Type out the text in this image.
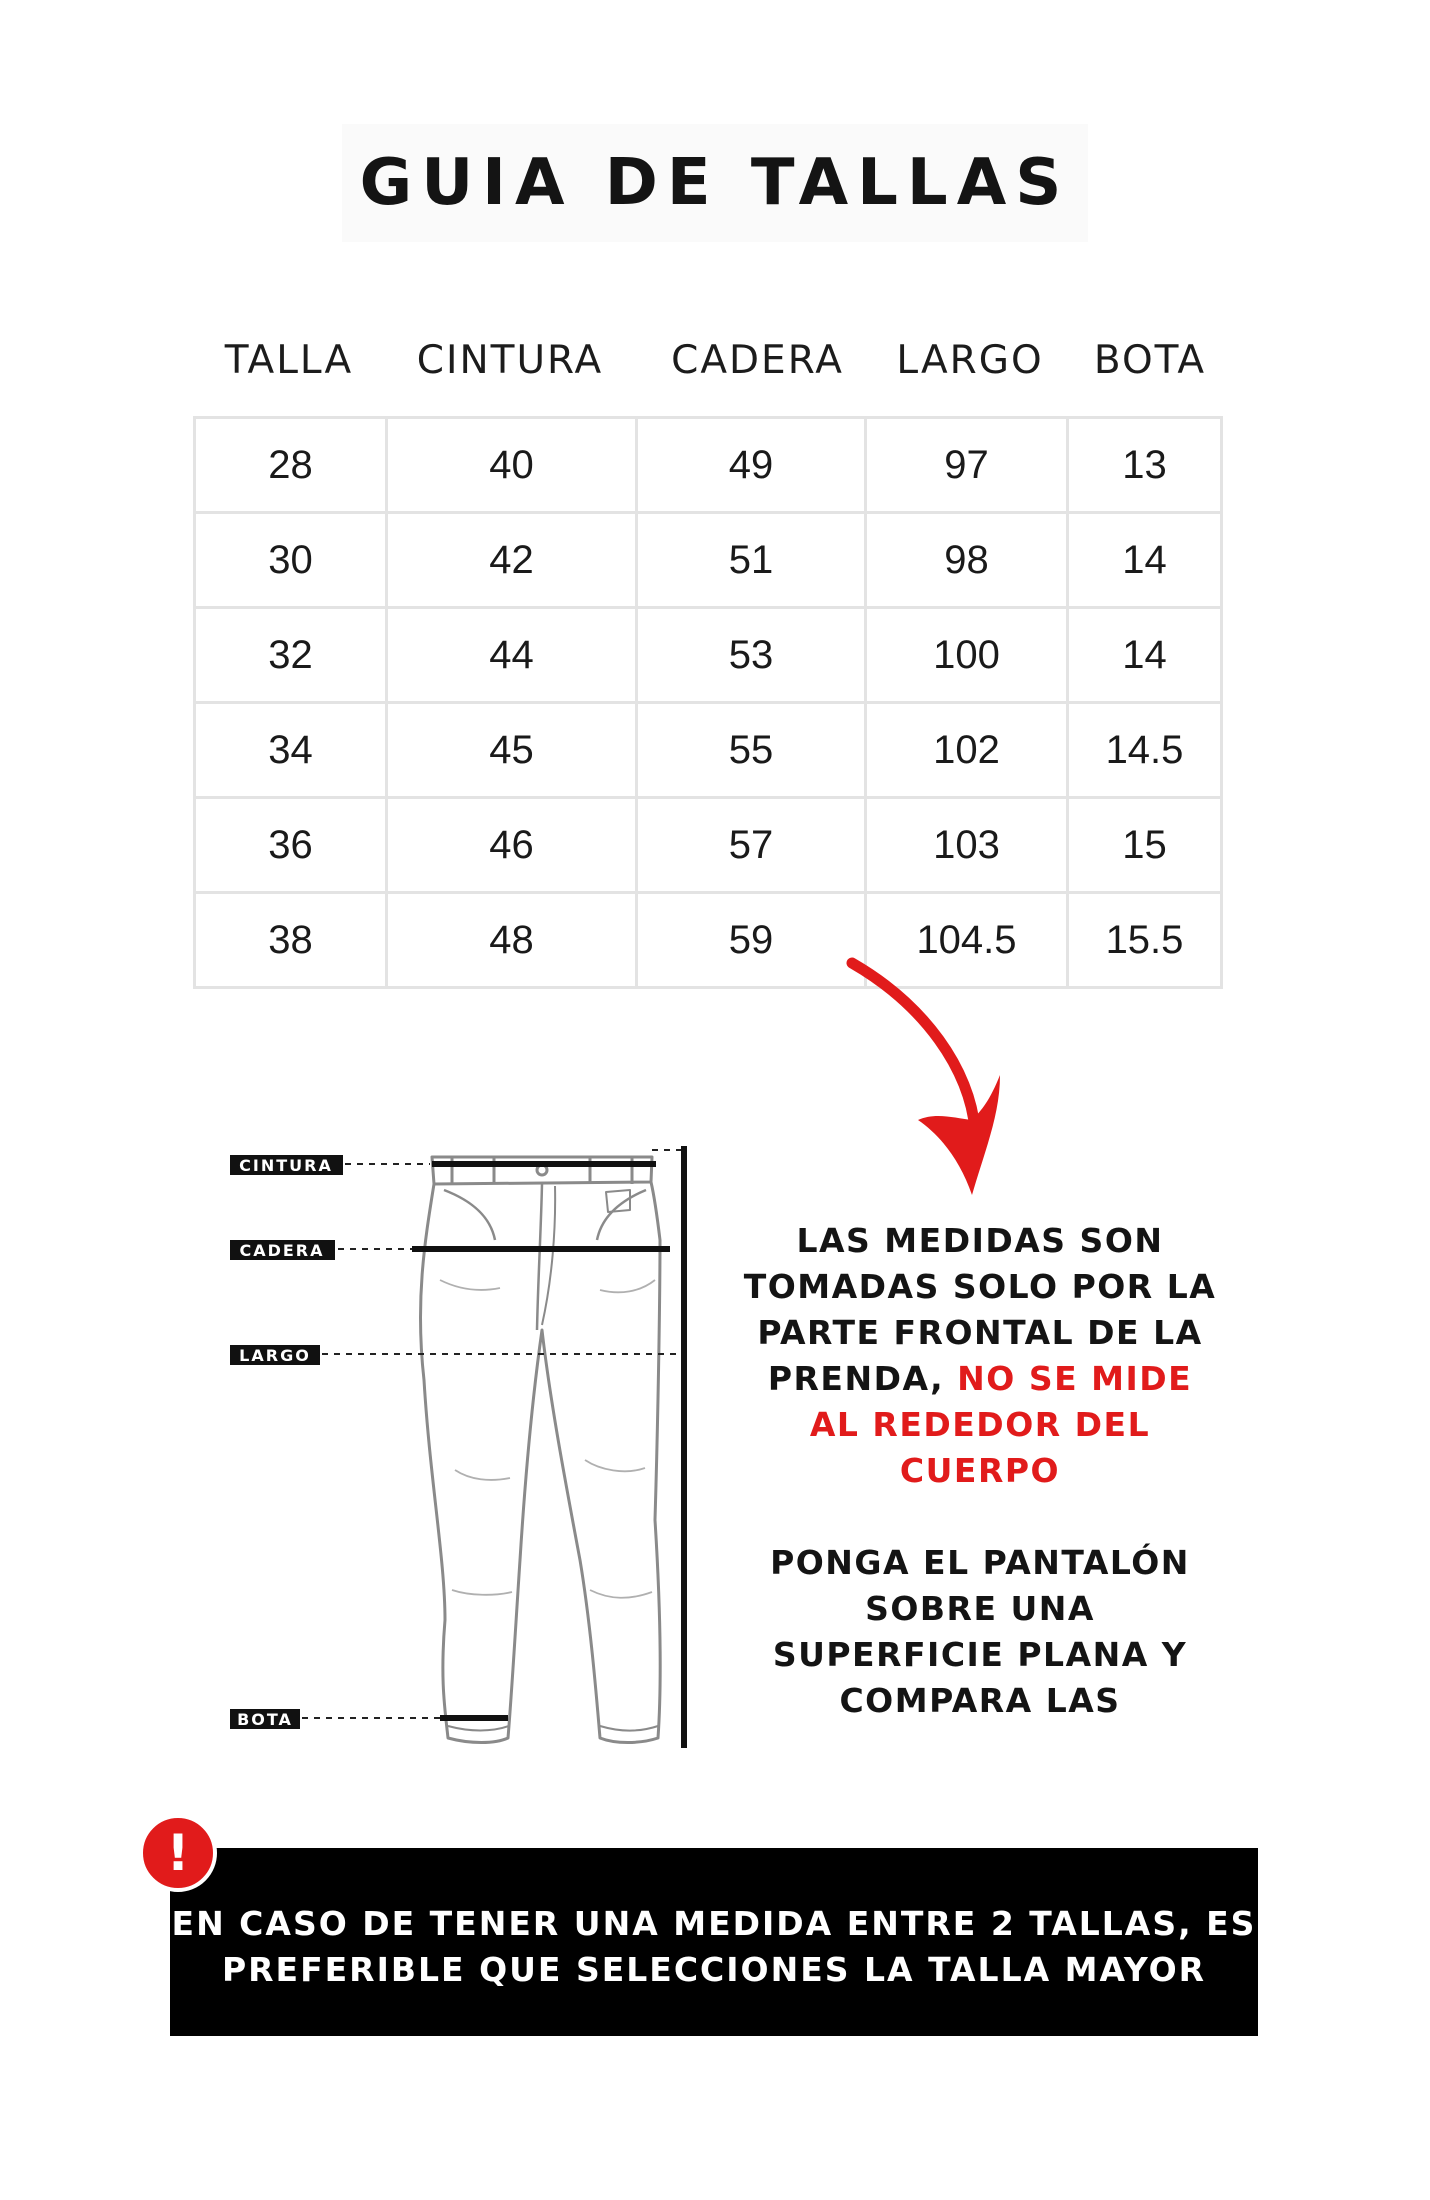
GUIA DE TALLAS
TALLA	CINTURA	CADERA	LARGO	BOTA
28	40	49	97	13
30	42	51	98	14
32	44	53	100	14
34	45	55	102	14.5
36	46	57	103	15
38	48	59	104.5	15.5
CINTURA
CADERA
LARGO
BOTA
LAS MEDIDAS SON
TOMADAS SOLO POR LA
PARTE FRONTAL DE LA
PRENDA, NO SE MIDE
AL REDEDOR DEL
CUERPO
PONGA EL PANTALÓN
SOBRE UNA
SUPERFICIE PLANA Y
COMPARA LAS
EN CASO DE TENER UNA MEDIDA ENTRE 2 TALLAS, ES
PREFERIBLE QUE SELECCIONES LA TALLA MAYOR
!
